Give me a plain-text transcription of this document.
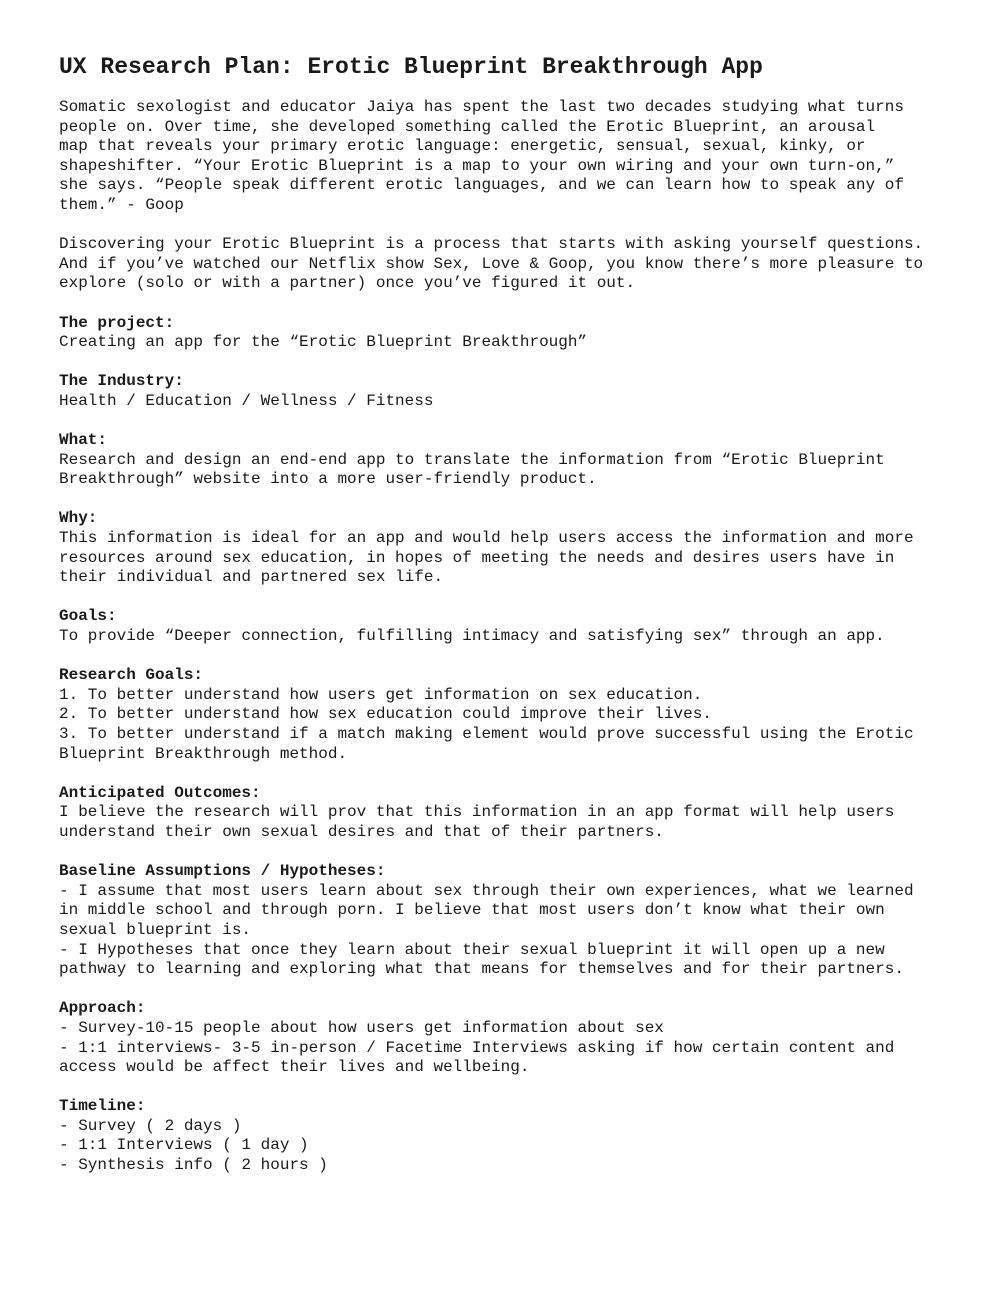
UX Research Plan: Erotic Blueprint Breakthrough App

Somatic sexologist and educator Jaiya has spent the last two decades studying what turns
people on. Over time, she developed something called the Erotic Blueprint, an arousal
map that reveals your primary erotic language: energetic, sensual, sexual, kinky, or
shapeshifter. “Your Erotic Blueprint is a map to your own wiring and your own turn-on,”
she says. “People speak different erotic languages, and we can learn how to speak any of
them.” - Goop

Discovering your Erotic Blueprint is a process that starts with asking yourself questions.
And if you’ve watched our Netflix show Sex, Love & Goop, you know there’s more pleasure to
explore (solo or with a partner) once you’ve figured it out.

The project:
Creating an app for the “Erotic Blueprint Breakthrough”
The Industry:
Health / Education / Wellness / Fitness
What:
Research and design an end-end app to translate the information from “Erotic Blueprint
Breakthrough” website into a more user-friendly product.
Why:
This information is ideal for an app and would help users access the information and more
resources around sex education, in hopes of meeting the needs and desires users have in
their individual and partnered sex life.
Goals:
To provide “Deeper connection, fulfilling intimacy and satisfying sex” through an app.
Research Goals:
1. To better understand how users get information on sex education.
2. To better understand how sex education could improve their lives.
3. To better understand if a match making element would prove successful using the Erotic
Blueprint Breakthrough method.
Anticipated Outcomes:
I believe the research will prov that this information in an app format will help users
understand their own sexual desires and that of their partners.
Baseline Assumptions / Hypotheses:
- I assume that most users learn about sex through their own experiences, what we learned
in middle school and through porn. I believe that most users don’t know what their own
sexual blueprint is.
- I Hypotheses that once they learn about their sexual blueprint it will open up a new
pathway to learning and exploring what that means for themselves and for their partners.
Approach:
- Survey-10-15 people about how users get information about sex
- 1:1 interviews- 3-5 in-person / Facetime Interviews asking if how certain content and
access would be affect their lives and wellbeing.
Timeline:
- Survey ( 2 days )
- 1:1 Interviews ( 1 day )
- Synthesis info ( 2 hours )
